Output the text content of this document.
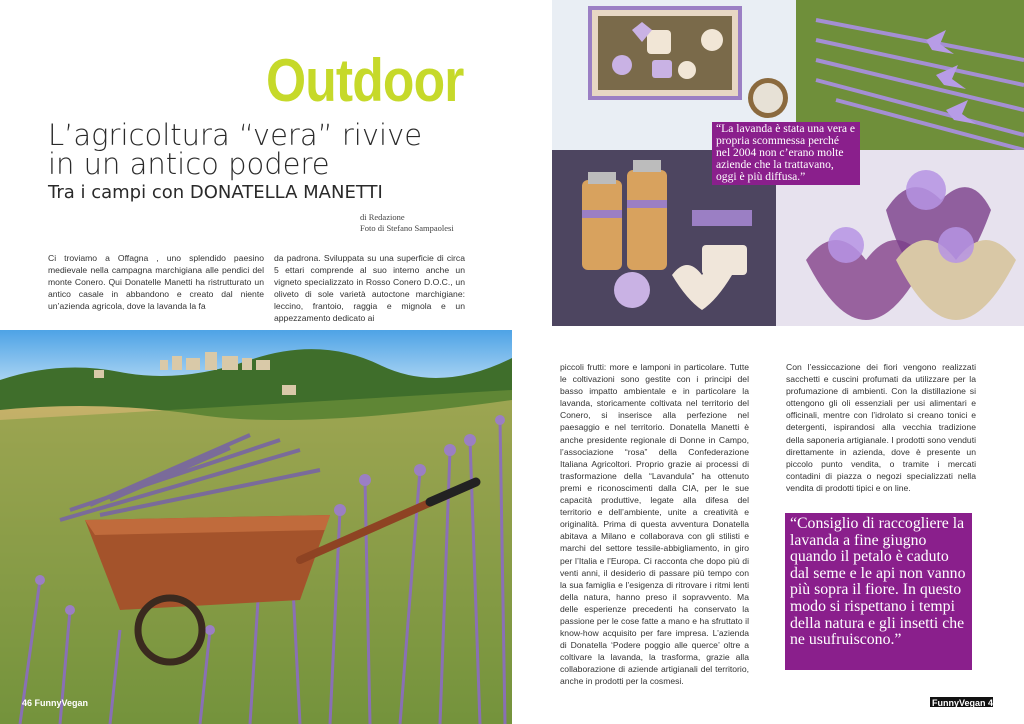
Outdoor
L’agricoltura “vera” rivive
in un antico podere
Tra i campi con DONATELLA MANETTI
di Redazione
Foto di Stefano Sampaolesi
Ci troviamo a Offagna , uno splendido paesino medievale nella campagna marchigiana alle pendici del monte Conero. Qui Donatelle Manetti ha ristrutturato un antico casale in abbandono e creato dal niente un’azienda agricola, dove la lavanda la fa
da padrona. Sviluppata su una superficie di circa 5 ettari comprende al suo interno anche un vigneto specializzato in Rosso Conero D.O.C., un oliveto di sole varietà autoctone marchigiane: leccino, frantoio, raggia e mignola e un appezzamento dedicato ai
46 FunnyVegan
“La lavanda è stata una vera e propria scommessa perché nel 2004 non c’erano molte aziende che la trattavano, oggi è più diffusa.”
piccoli frutti: more e lamponi in particolare. Tutte le coltivazioni sono gestite con i principi del basso impatto ambientale e in particolare la lavanda, storicamente coltivata nel territorio del Conero, si inserisce alla perfezione nel paesaggio e nel territorio. Donatella Manetti è anche presidente regionale di Donne in Campo, l’associazione “rosa” della Confederazione Italiana Agricoltori. Proprio grazie ai processi di trasformazione della “Lavandula” ha ottenuto premi e riconoscimenti dalla CIA, per le sue capacità produttive, legate alla difesa del territorio e dell’ambiente, unite a creatività e originalità. Prima di questa avventura Donatella abitava a Milano e collaborava con gli stilisti e marchi del settore tessile-abbigliamento, in giro per l’Italia e l’Europa. Ci racconta che dopo più di venti anni, il desiderio di passare più tempo con la sua famiglia e l’esigenza di ritrovare i ritmi lenti della natura, hanno preso il sopravvento. Ma delle esperienze precedenti ha conservato la passione per le cose fatte a mano e ha sfruttato il know-how acquisito per fare impresa. L’azienda di Donatella ‘Podere poggio alle querce’ oltre a coltivare la lavanda, la trasforma, grazie alla collaborazione di aziende artigianali del territorio, anche in prodotti per la cosmesi.
Con l’essiccazione dei fiori vengono realizzati sacchetti e cuscini profumati da utilizzare per la profumazione di ambienti. Con la distillazione si ottengono gli oli essenziali per usi alimentari e officinali, mentre con l’idrolato si creano tonici e detergenti, ispirandosi alla vecchia tradizione della saponeria artigianale. I prodotti sono venduti direttamente in azienda, dove è presente un piccolo punto vendita, o tramite i mercati contadini di piazza o negozi specializzati nella vendita di prodotti tipici e on line.
“Consiglio di raccogliere la lavanda a fine giugno quando il petalo è caduto dal seme e le api non vanno più sopra il fiore. In questo modo si rispettano i tempi della natura e gli insetti che ne usufruiscono.”
FunnyVegan 47
